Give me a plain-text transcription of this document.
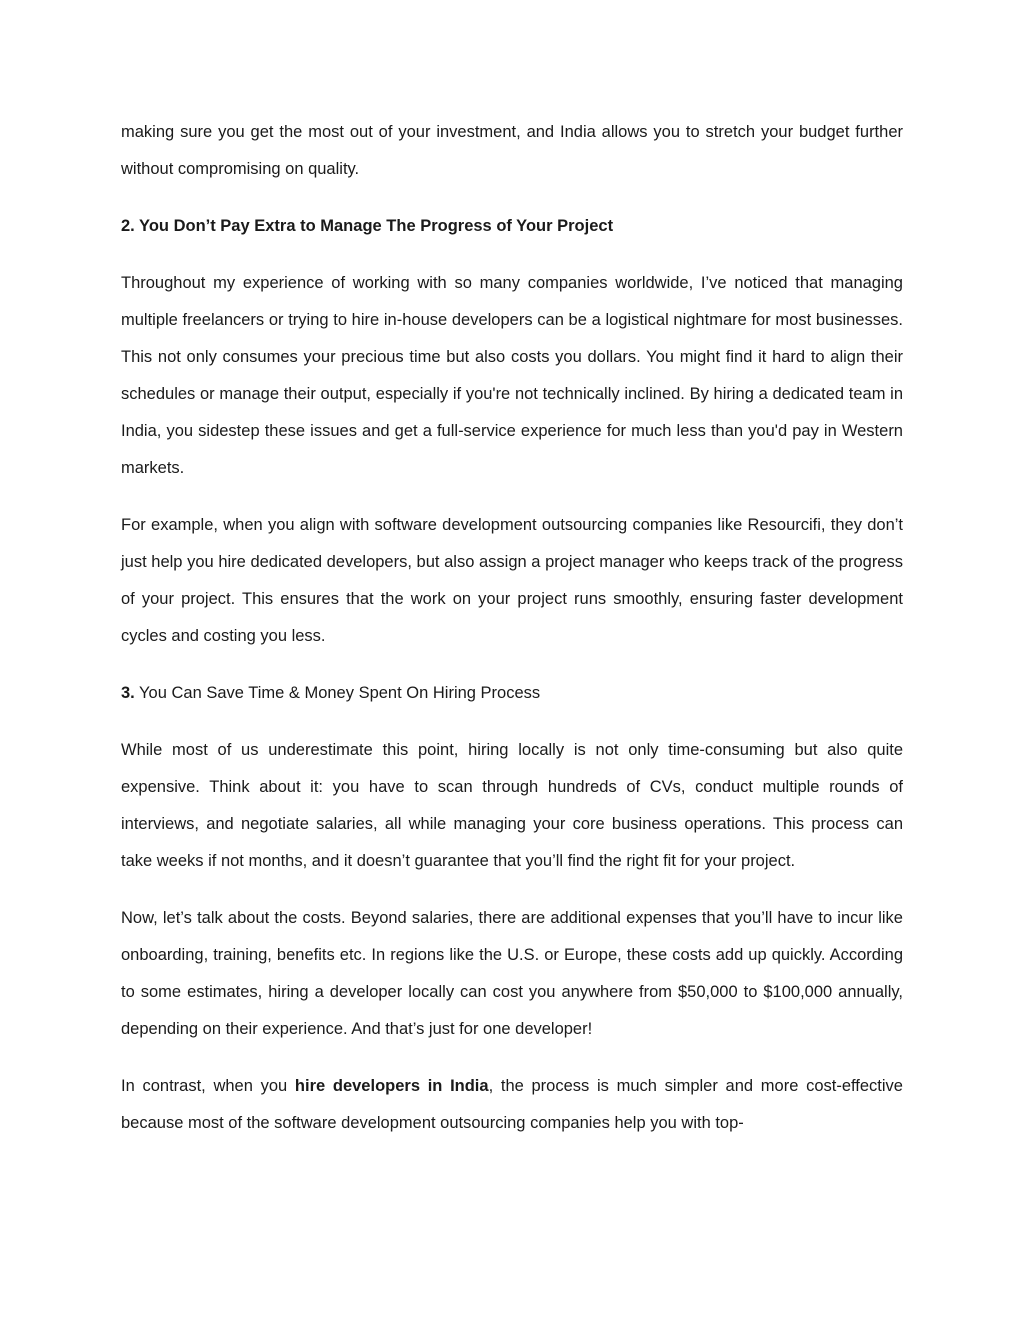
making sure you get the most out of your investment, and India allows you to stretch your budget further without compromising on quality.

2. You Don’t Pay Extra to Manage The Progress of Your Project

Throughout my experience of working with so many companies worldwide, I’ve noticed that managing multiple freelancers or trying to hire in-house developers can be a logistical nightmare for most businesses. This not only consumes your precious time but also costs you dollars. You might find it hard to align their schedules or manage their output, especially if you're not technically inclined. By hiring a dedicated team in India, you sidestep these issues and get a full-service experience for much less than you'd pay in Western markets.

For example, when you align with software development outsourcing companies like Resourcifi, they don’t just help you hire dedicated developers, but also assign a project manager who keeps track of the progress of your project. This ensures that the work on your project runs smoothly, ensuring faster development cycles and costing you less.

3. You Can Save Time & Money Spent On Hiring Process

While most of us underestimate this point, hiring locally is not only time-consuming but also quite expensive. Think about it: you have to scan through hundreds of CVs, conduct multiple rounds of interviews, and negotiate salaries, all while managing your core business operations. This process can take weeks if not months, and it doesn’t guarantee that you’ll find the right fit for your project.

Now, let’s talk about the costs. Beyond salaries, there are additional expenses that you’ll have to incur like onboarding, training, benefits etc. In regions like the U.S. or Europe, these costs add up quickly. According to some estimates, hiring a developer locally can cost you anywhere from $50,000 to $100,000 annually, depending on their experience. And that’s just for one developer!

In contrast, when you hire developers in India, the process is much simpler and more cost-effective because most of the software development outsourcing companies help you with top-
